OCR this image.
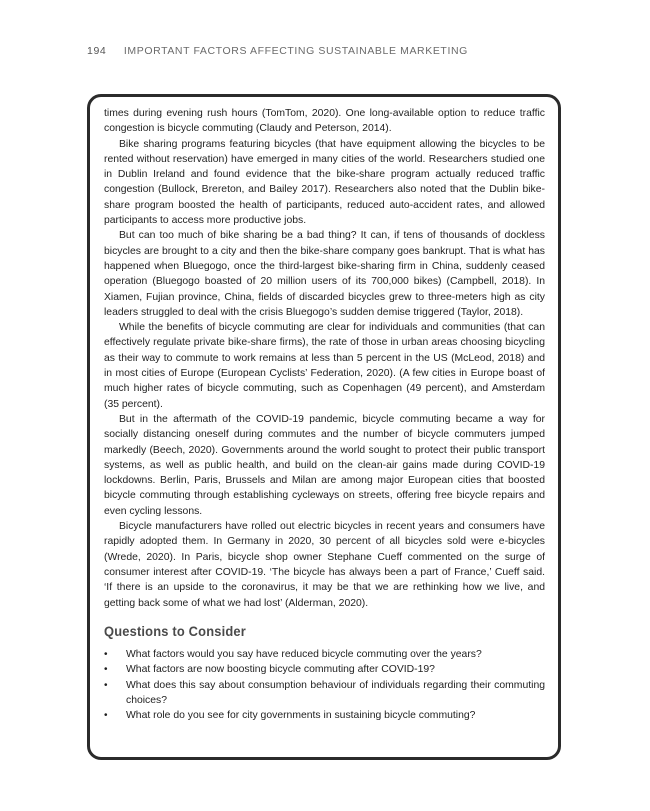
194 IMPORTANT FACTORS AFFECTING SUSTAINABLE MARKETING

times during evening rush hours (TomTom, 2020). One long-available option to reduce traffic congestion is bicycle commuting (Claudy and Peterson, 2014).

Bike sharing programs featuring bicycles (that have equipment allowing the bicycles to be rented without reservation) have emerged in many cities of the world. Researchers studied one in Dublin Ireland and found evidence that the bike-share program actually reduced traffic congestion (Bullock, Brereton, and Bailey 2017). Researchers also noted that the Dublin bike-share program boosted the health of participants, reduced auto-accident rates, and allowed participants to access more productive jobs.

But can too much of bike sharing be a bad thing? It can, if tens of thousands of dockless bicycles are brought to a city and then the bike-share company goes bankrupt. That is what has happened when Bluegogo, once the third-largest bike-sharing firm in China, suddenly ceased operation (Bluegogo boasted of 20 million users of its 700,000 bikes) (Campbell, 2018). In Xiamen, Fujian province, China, fields of discarded bicycles grew to three-meters high as city leaders struggled to deal with the crisis Bluegogo’s sudden demise triggered (Taylor, 2018).

While the benefits of bicycle commuting are clear for individuals and communities (that can effectively regulate private bike-share firms), the rate of those in urban areas choosing bicycling as their way to commute to work remains at less than 5 percent in the US (McLeod, 2018) and in most cities of Europe (European Cyclists’ Federation, 2020). (A few cities in Europe boast of much higher rates of bicycle commuting, such as Copenhagen (49 percent), and Amsterdam (35 percent).

But in the aftermath of the COVID-19 pandemic, bicycle commuting became a way for socially distancing oneself during commutes and the number of bicycle commuters jumped markedly (Beech, 2020). Governments around the world sought to protect their public transport systems, as well as public health, and build on the clean-air gains made during COVID-19 lockdowns. Berlin, Paris, Brussels and Milan are among major European cities that boosted bicycle commuting through establishing cycleways on streets, offering free bicycle repairs and even cycling lessons.

Bicycle manufacturers have rolled out electric bicycles in recent years and consumers have rapidly adopted them. In Germany in 2020, 30 percent of all bicycles sold were e-bicycles (Wrede, 2020). In Paris, bicycle shop owner Stephane Cueff commented on the surge of consumer interest after COVID-19. ‘The bicycle has always been a part of France,’ Cueff said. ‘If there is an upside to the coronavirus, it may be that we are rethinking how we live, and getting back some of what we had lost’ (Alderman, 2020).

Questions to Consider
• What factors would you say have reduced bicycle commuting over the years?
• What factors are now boosting bicycle commuting after COVID-19?
• What does this say about consumption behaviour of individuals regarding their commuting choices?
• What role do you see for city governments in sustaining bicycle commuting?
